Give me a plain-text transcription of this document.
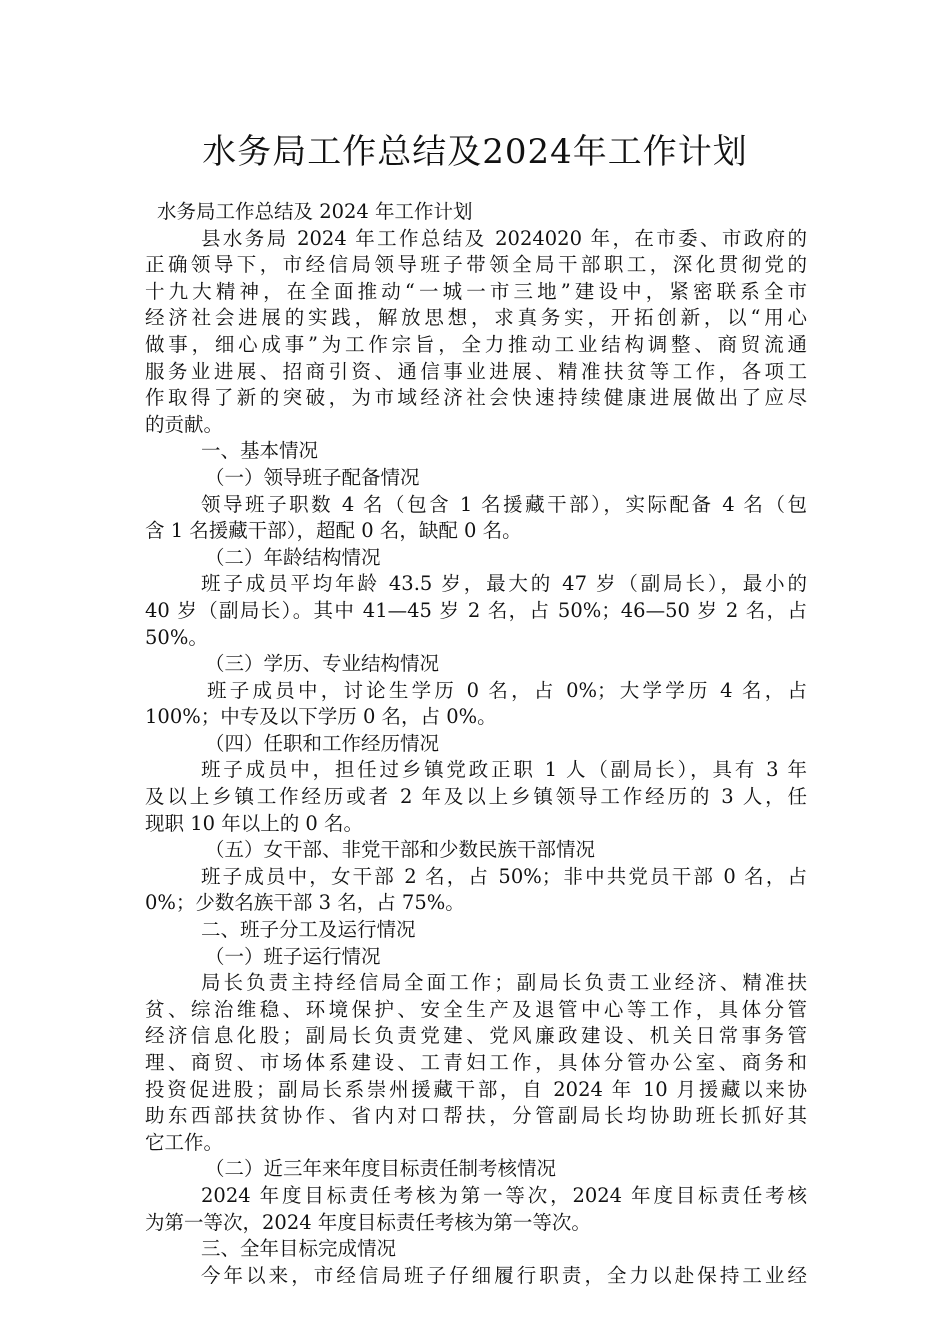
水务局工作总结及2024年工作计划
水务局工作总结及 2024 年工作计划
县水务局 2024 年工作总结及 2024020 年，在市委、市政府的
正确领导下，市经信局领导班子带领全局干部职工，深化贯彻党的
十九大精神，在全面推动“一城一市三地”建设中，紧密联系全市
经济社会进展的实践，解放思想，求真务实，开拓创新，以“用心
做事，细心成事”为工作宗旨，全力推动工业结构调整、商贸流通
服务业进展、招商引资、通信事业进展、精准扶贫等工作，各项工
作取得了新的突破，为市域经济社会快速持续健康进展做出了应尽
的贡献。
一、基本情况
（一）领导班子配备情况
领导班子职数 4 名（包含 1 名援藏干部），实际配备 4 名（包
含 1 名援藏干部），超配 0 名，缺配 0 名。
（二）年龄结构情况
班子成员平均年龄 43.5 岁，最大的 47 岁（副局长），最小的
40 岁（副局长）。其中 41—45 岁 2 名，占 50%；46—50 岁 2 名，占
50%。
（三）学历、专业结构情况
班子成员中，讨论生学历 0 名，占 0%；大学学历 4 名，占
100%；中专及以下学历 0 名，占 0%。
（四）任职和工作经历情况
班子成员中，担任过乡镇党政正职 1 人（副局长），具有 3 年
及以上乡镇工作经历或者 2 年及以上乡镇领导工作经历的 3 人，任
现职 10 年以上的 0 名。
（五）女干部、非党干部和少数民族干部情况
班子成员中，女干部 2 名，占 50%；非中共党员干部 0 名，占
0%；少数名族干部 3 名，占 75%。
二、班子分工及运行情况
（一）班子运行情况
局长负责主持经信局全面工作；副局长负责工业经济、精准扶
贫、综治维稳、环境保护、安全生产及退管中心等工作，具体分管
经济信息化股；副局长负责党建、党风廉政建设、机关日常事务管
理、商贸、市场体系建设、工青妇工作，具体分管办公室、商务和
投资促进股；副局长系崇州援藏干部，自 2024 年 10 月援藏以来协
助东西部扶贫协作、省内对口帮扶，分管副局长均协助班长抓好其
它工作。
（二）近三年来年度目标责任制考核情况
2024 年度目标责任考核为第一等次，2024 年度目标责任考核
为第一等次，2024 年度目标责任考核为第一等次。
三、全年目标完成情况
今年以来，市经信局班子仔细履行职责，全力以赴保持工业经
